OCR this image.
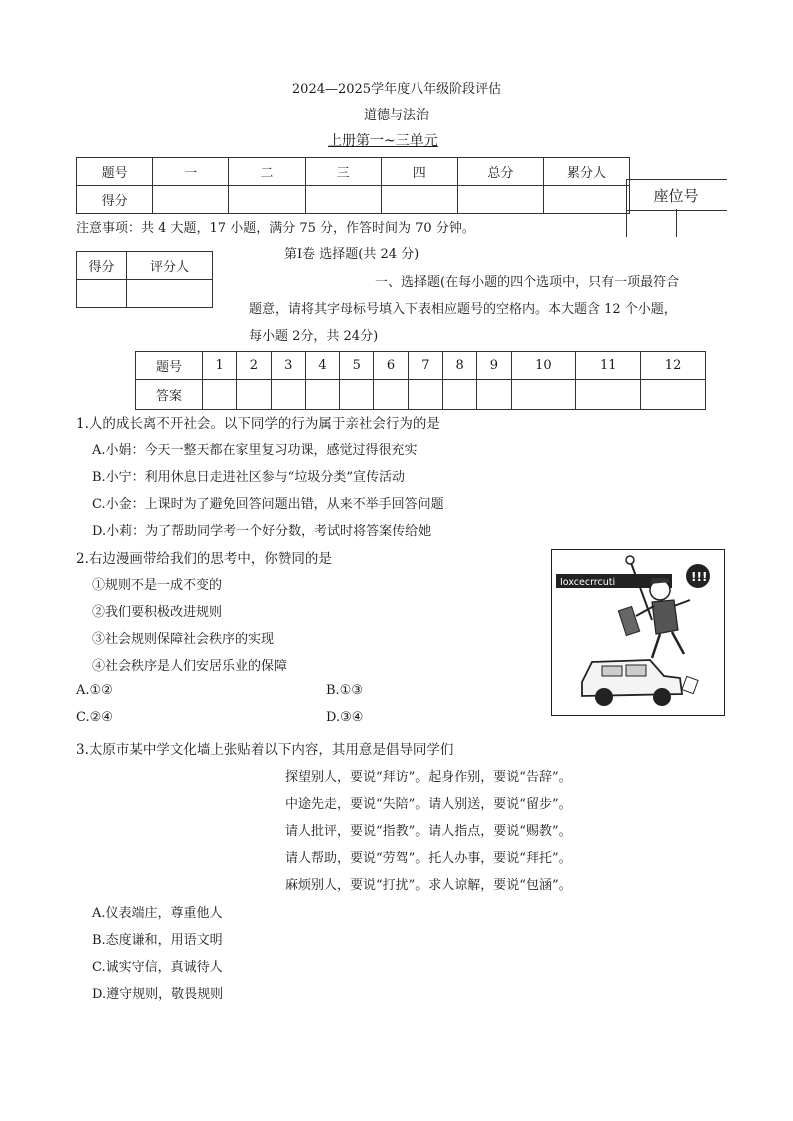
2024—2025学年度八年级阶段评估
道德与法治
上册第一~三单元
题号	一	二	三	四	总分	累分人
得分							座位号
注意事项：共 4 大题，17 小题，满分 75 分，作答时间为 70 分钟。
得分	评分人

第Ⅰ卷 选择题(共 24 分)
一、选择题(在每小题的四个选项中，只有一项最符合
题意，请将其字母标号填入下表相应题号的空格内。本大题含 12 个小题，
每小题 2分，共 24分)
题号	1	2	3	4	5	6	7	8	9	10	11	12
答案												
1.人的成长离不开社会。以下同学的行为属于亲社会行为的是
A.小娟：今天一整天都在家里复习功课，感觉过得很充实
B.小宁：利用休息日走进社区参与“垃圾分类”宣传活动
C.小金：上课时为了避免回答问题出错，从来不举手回答问题
D.小莉：为了帮助同学考一个好分数，考试时将答案传给她
2.右边漫画带给我们的思考中，你赞同的是
①规则不是一成不变的
②我们要积极改进规则
③社会规则保障社会秩序的实现
④社会秩序是人们安居乐业的保障
A.①②	B.①③
C.②④	D.③④
Ioxcecrrcuti	!!!
3.太原市某中学文化墙上张贴着以下内容，其用意是倡导同学们
探望别人，要说“拜访”。起身作别，要说“告辞”。
中途先走，要说“失陪”。请人别送，要说“留步”。
请人批评，要说“指教”。请人指点，要说“赐教”。
请人帮助，要说“劳驾”。托人办事，要说“拜托”。
麻烦别人，要说“打扰”。求人谅解，要说“包涵”。
A.仪表端庄，尊重他人
B.态度谦和，用语文明
C.诚实守信，真诚待人
D.遵守规则，敬畏规则
